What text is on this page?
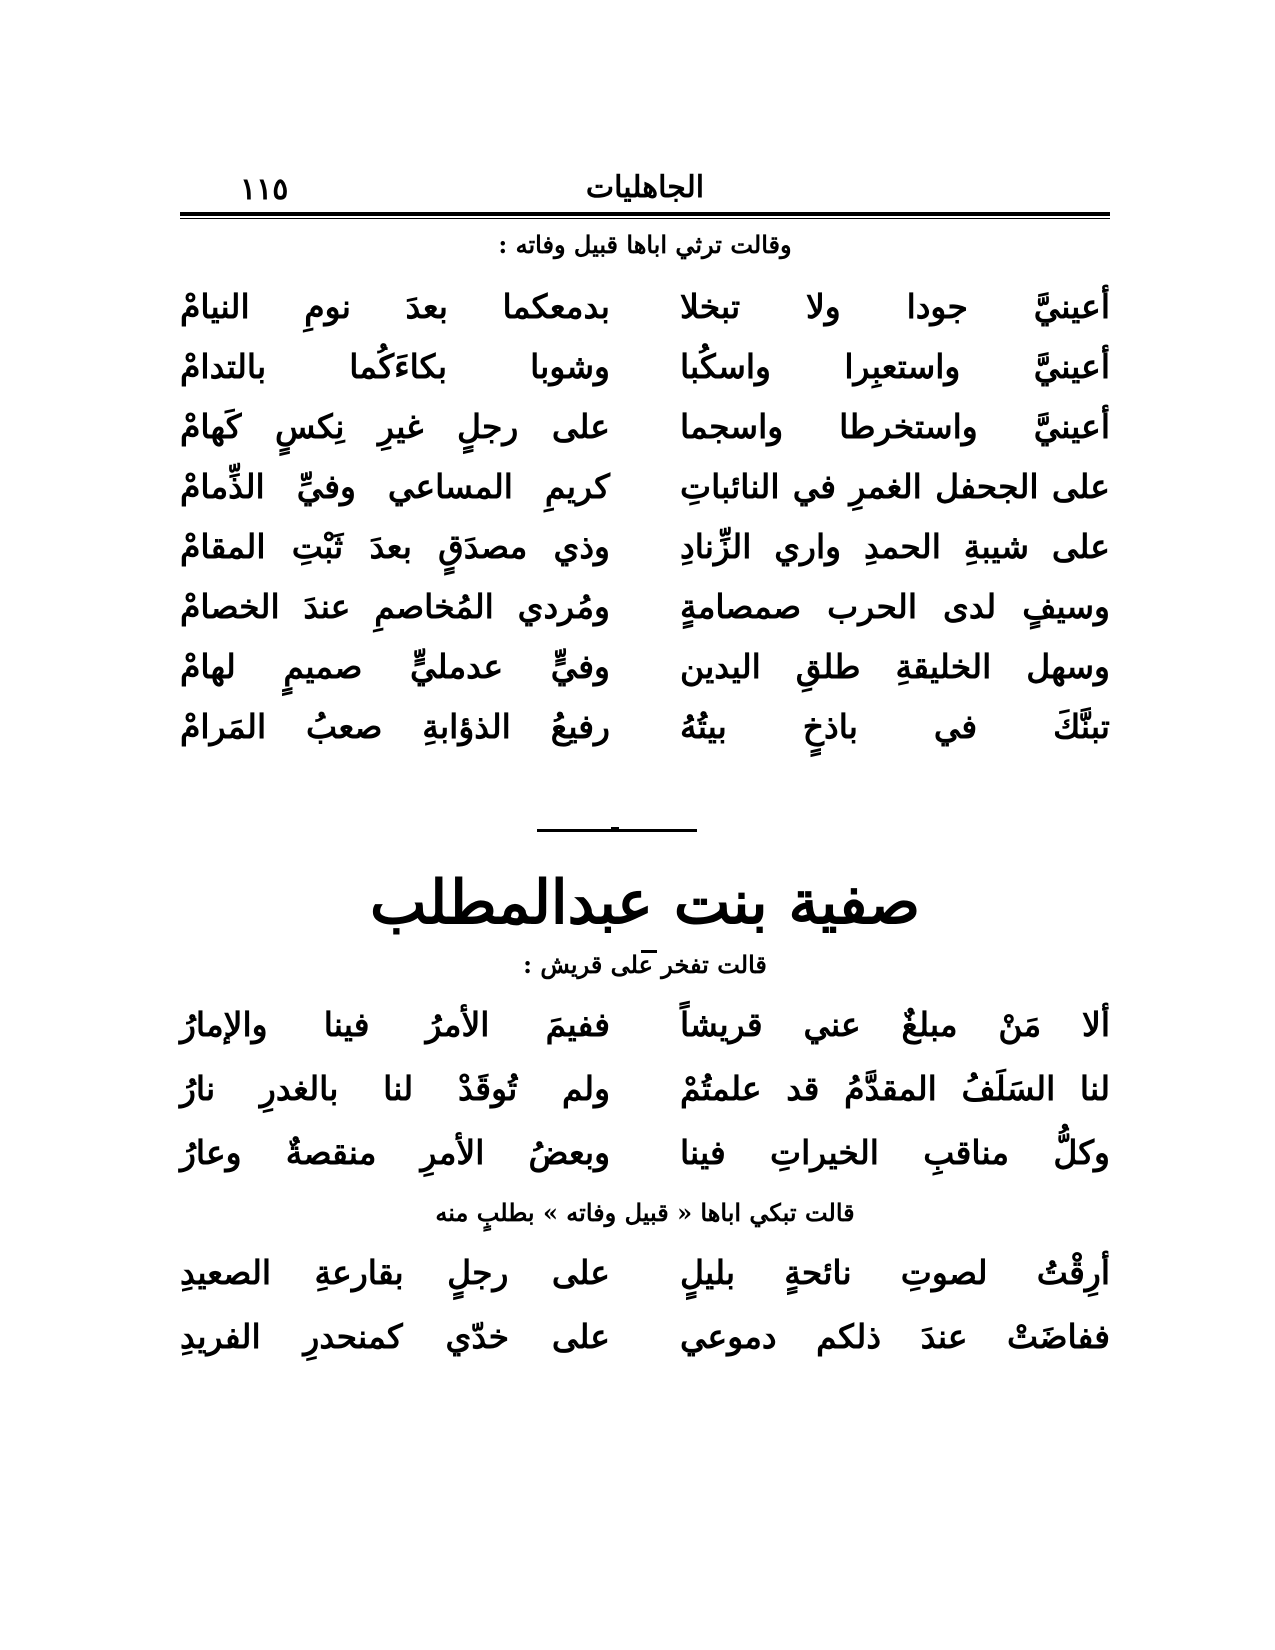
١١٥	الجاهليات
وقالت ترثي اباها قبيل وفاته :
أعينيَّ جودا ولا تبخلا
بدمعكما بعدَ نومِ النيامْ
أعينيَّ واستعبِرا واسكُبا
وشوبا بكاءَكُما بالتدامْ
أعينيَّ واستخرطا واسجما
على رجلٍ غيرِ نِكسٍ كَهامْ
على الجحفل الغمرِ في النائباتِ
كريمِ المساعي وفيِّ الذِّمامْ
على شيبةِ الحمدِ واري الزِّنادِ
وذي مصدَقٍ بعدَ ثَبْتِ المقامْ
وسيفٍ لدى الحرب صمصامةٍ
ومُردي المُخاصمِ عندَ الخصامْ
وسهل الخليقةِ طلقِ اليدين
وفيٍّ عدمليٍّ صميمٍ لهامْ
تبنَّكَ في باذخٍ بيتُهُ
رفيعُ الذؤابةِ صعبُ المَرامْ
صفية بنت عبدالمطلب
قالت تفخر على قريش :
ألا مَنْ مبلغٌ عني قريشاً
ففيمَ الأمرُ فينا والإمارُ
لنا السَلَفُ المقدَّمُ قد علمتُمْ
ولم تُوقَدْ لنا بالغدرِ نارُ
وكلُّ مناقبِ الخيراتِ فينا
وبعضُ الأمرِ منقصةٌ وعارُ
قالت تبكي اباها « قبيل وفاته » بطلبٍ منه
أرِقْتُ لصوتِ نائحةٍ بليلٍ
على رجلٍ بقارعةِ الصعيدِ
ففاضَتْ عندَ ذلكم دموعي
على خدّي كمنحدرِ الفريدِ
